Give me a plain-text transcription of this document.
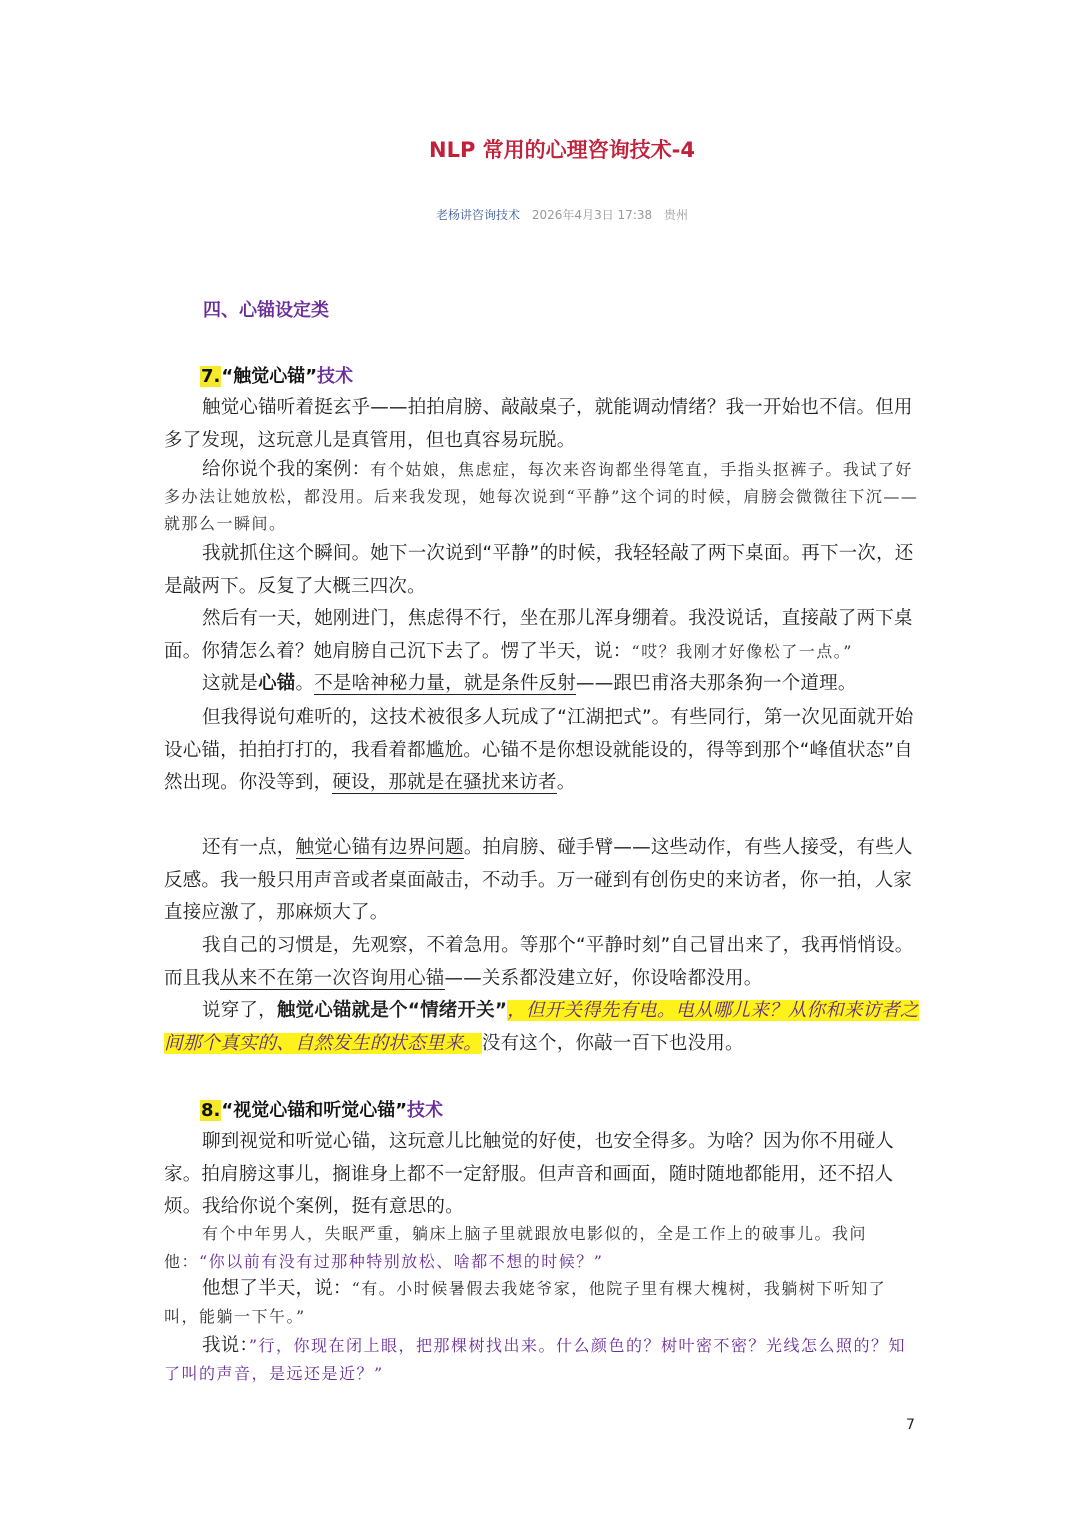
NLP 常用的心理咨询技术-4
老杨讲咨询技术 2026年4月3日 17:38 贵州
四、心锚设定类
7.“触觉心锚”技术

触觉心锚听着挺玄乎——拍拍肩膀、敲敲桌子，就能调动情绪？我一开始也不信。但用多了发现，这玩意儿是真管用，但也真容易玩脱。

给你说个我的案例：有个姑娘，焦虑症，每次来咨询都坐得笔直，手指头抠裤子。我试了好多办法让她放松，都没用。后来我发现，她每次说到“平静”这个词的时候，肩膀会微微往下沉——就那么一瞬间。

我就抓住这个瞬间。她下一次说到“平静”的时候，我轻轻敲了两下桌面。再下一次，还是敲两下。反复了大概三四次。

然后有一天，她刚进门，焦虑得不行，坐在那儿浑身绷着。我没说话，直接敲了两下桌面。你猜怎么着？她肩膀自己沉下去了。愣了半天，说：“哎？我刚才好像松了一点。”

这就是心锚。不是啥神秘力量，就是条件反射——跟巴甫洛夫那条狗一个道理。

但我得说句难听的，这技术被很多人玩成了“江湖把式”。有些同行，第一次见面就开始设心锚，拍拍打打的，我看着都尴尬。心锚不是你想设就能设的，得等到那个“峰值状态”自然出现。你没等到，硬设，那就是在骚扰来访者。

还有一点，触觉心锚有边界问题。拍肩膀、碰手臂——这些动作，有些人接受，有些人反感。我一般只用声音或者桌面敲击，不动手。万一碰到有创伤史的来访者，你一拍，人家直接应激了，那麻烦大了。

我自己的习惯是，先观察，不着急用。等那个“平静时刻”自己冒出来了，我再悄悄设。而且我从来不在第一次咨询用心锚——关系都没建立好，你设啥都没用。

说穿了，触觉心锚就是个“情绪开关”，但开关得先有电。电从哪儿来？从你和来访者之间那个真实的、自然发生的状态里来。没有这个，你敲一百下也没用。

8.“视觉心锚和听觉心锚”技术

聊到视觉和听觉心锚，这玩意儿比触觉的好使，也安全得多。为啥？因为你不用碰人家。拍肩膀这事儿，搁谁身上都不一定舒服。但声音和画面，随时随地都能用，还不招人烦。 我给你说个案例，挺有意思的。

有个中年男人，失眠严重，躺床上脑子里就跟放电影似的，全是工作上的破事儿。我问他：“你以前有没有过那种特别放松、啥都不想的时候？”

他想了半天，说：“有。小时候暑假去我姥爷家，他院子里有棵大槐树，我躺树下听知了叫，能躺一下午。”

我说：”行，你现在闭上眼，把那棵树找出来。什么颜色的？树叶密不密？光线怎么照的？知了叫的声音，是远还是近？”

7
